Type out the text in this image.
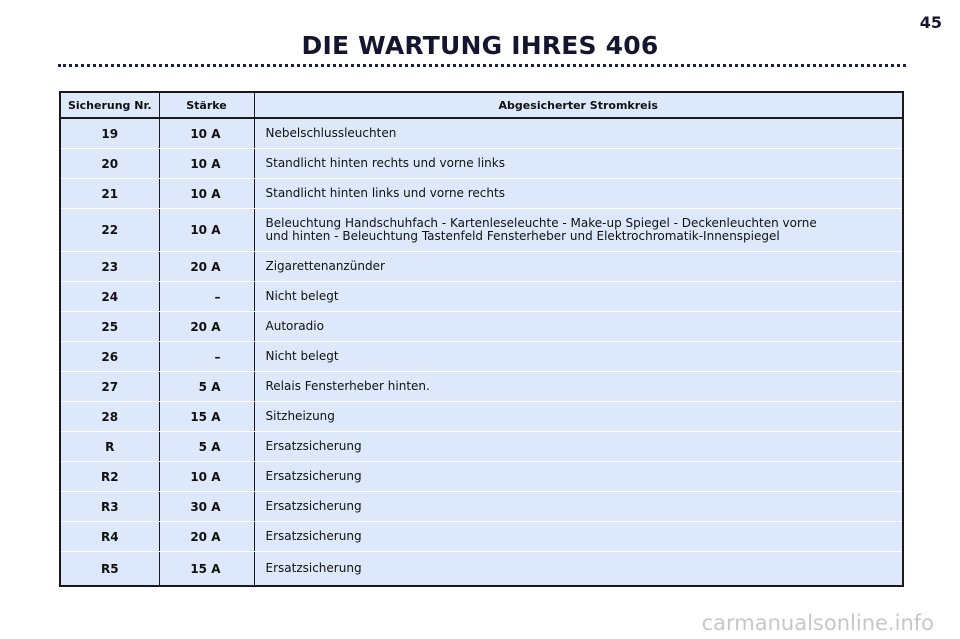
45
DIE WARTUNG IHRES 406
Sicherung Nr.	Stärke	Abgesicherter Stromkreis
19	10 A	Nebelschlussleuchten
20	10 A	Standlicht hinten rechts und vorne links
21	10 A	Standlicht hinten links und vorne rechts
22	10 A	Beleuchtung Handschuhfach - Kartenleseleuchte - Make-up Spiegel - Deckenleuchten vorne
und hinten - Beleuchtung Tastenfeld Fensterheber und Elektrochromatik-Innenspiegel
23	20 A	Zigarettenanzünder
24	–	Nicht belegt
25	20 A	Autoradio
26	–	Nicht belegt
27	5 A	Relais Fensterheber hinten.
28	15 A	Sitzheizung
R	5 A	Ersatzsicherung
R2	10 A	Ersatzsicherung
R3	30 A	Ersatzsicherung
R4	20 A	Ersatzsicherung
R5	15 A	Ersatzsicherung
carmanualsonline.info
